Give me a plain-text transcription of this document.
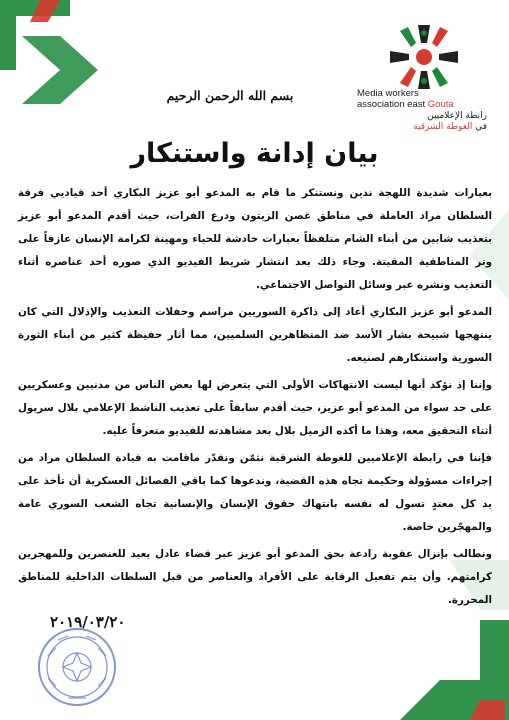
Media workers
association east Gouta
رابطة الإعلاميين
في الغوطة الشرقية
بسم الله الرحمن الرحيم
بيان إدانة واستنكار

بعبارات شديدة اللهجة ندين ونستنكر ما قام به المدعو أبو عزيز البكاري أحد قياديي فرقة السلطان مراد العاملة في مناطق غصن الزيتون ودرع الفرات، حيث أقدم المدعو أبو عزيز بتعذيب شابين من أبناء الشام متلفظاً بعبارات خادشة للحياء ومهينة لكرامة الإنسان عازفاً على وتر المناطقية المقيتة. وجاء ذلك بعد انتشار شريط الفيديو الذي صوره أحد عناصره أثناء التعذيب ونشره عبر وسائل التواصل الاجتماعي.

المدعو أبو عزيز البكاري أعاد إلى ذاكرة السوريين مراسم وحفلات التعذيب والإذلال التي كان ينتهجها شبيحة بشار الأسد ضد المتظاهرين السلميين، مما أثار حفيظة كثير من أبناء الثورة السورية واستنكارهم لصنيعه.

وإننا إذ نؤكد أنها ليست الانتهاكات الأولى التي يتعرض لها بعض الناس من مدنيين وعسكريين على حد سواء من المدعو أبو عزيز، حيث أقدم سابقاً على تعذيب الناشط الإعلامي بلال سريول أثناء التحقيق معه، وهذا ما أكده الزميل بلال بعد مشاهدته للفيديو متعرفاً عليه.

فإننا في رابطة الإعلاميين للغوطة الشرقية نثمّن ونقدّر ماقامت به قيادة السلطان مراد من إجراءات مسؤولة وحكيمة تجاه هذه القضية، وندعوها كما باقي الفصائل العسكرية أن تأخذ على يد كل معتدٍ تسول له نفسه بانتهاك حقوق الإنسان والإنسانية تجاه الشعب السوري عامة والمهجّرين خاصة.

ونطالب بإنزال عقوبة رادعة بحق المدعو أبو عزيز عبر قضاء عادل يعيد للعنصرين وللمهجرين كرامتهم. وأن يتم تفعيل الرقابة على الأفراد والعناصر من قبل السلطات الداخلية للمناطق المحررة.

٢٠١٩/٠٣/٢٠
